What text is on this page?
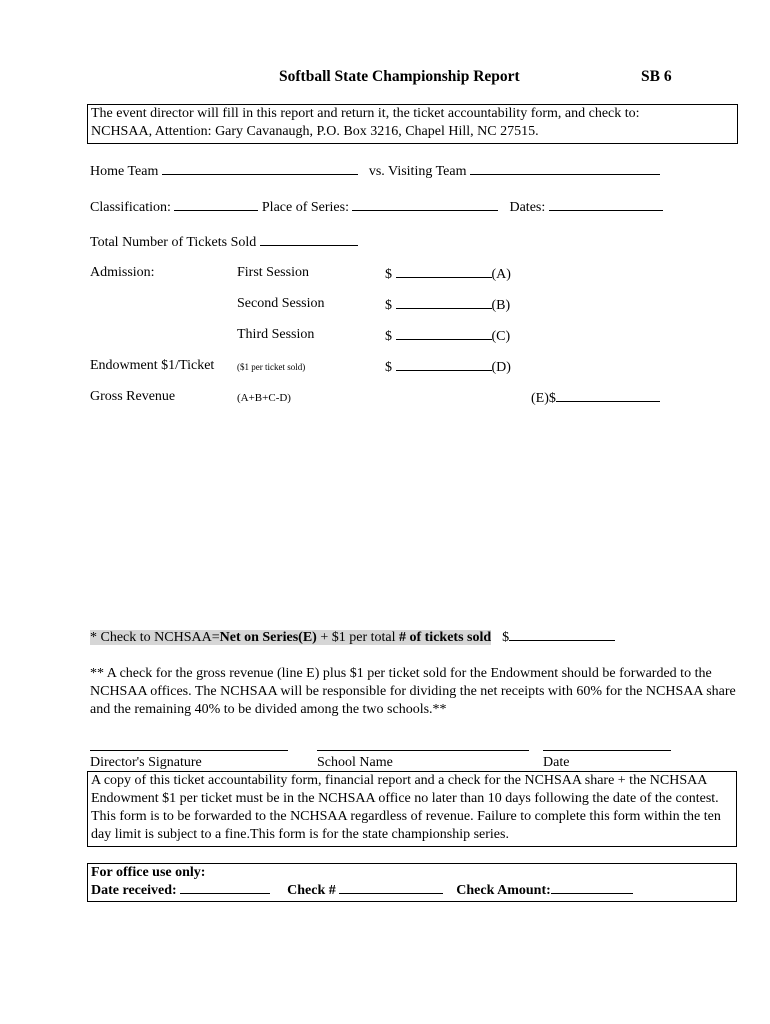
Softball State Championship Report	SB 6
The event director will fill in this report and return it, the ticket accountability form, and check to:
NCHSAA, Attention: Gary Cavanaugh, P.O. Box 3216, Chapel Hill, NC 27515.
Home Team	vs. Visiting Team
Classification:	Place of Series:	Dates:
Total Number of Tickets Sold
Admission:	First Session	$	(A)
Second Session	$	(B)
Third Session	$	(C)
Endowment $1/Ticket	($1 per ticket sold)	$	(D)
Gross Revenue	(A+B+C-D)	(E)$
* Check to NCHSAA=Net on Series(E) + $1 per total # of tickets sold $
** A check for the gross revenue (line E) plus $1 per ticket sold for the Endowment should be forwarded to the NCHSAA offices. The NCHSAA will be responsible for dividing the net receipts with 60% for the NCHSAA share and the remaining 40% to be divided among the two schools.**
Director's Signature	School Name	Date
A copy of this ticket accountability form, financial report and a check for the NCHSAA share + the NCHSAA Endowment $1 per ticket must be in the NCHSAA office no later than 10 days following the date of the contest. This form is to be forwarded to the NCHSAA regardless of revenue. Failure to complete this form within the ten day limit is subject to a fine.This form is for the state championship series.
For office use only:
Date received:	Check #	Check Amount:
